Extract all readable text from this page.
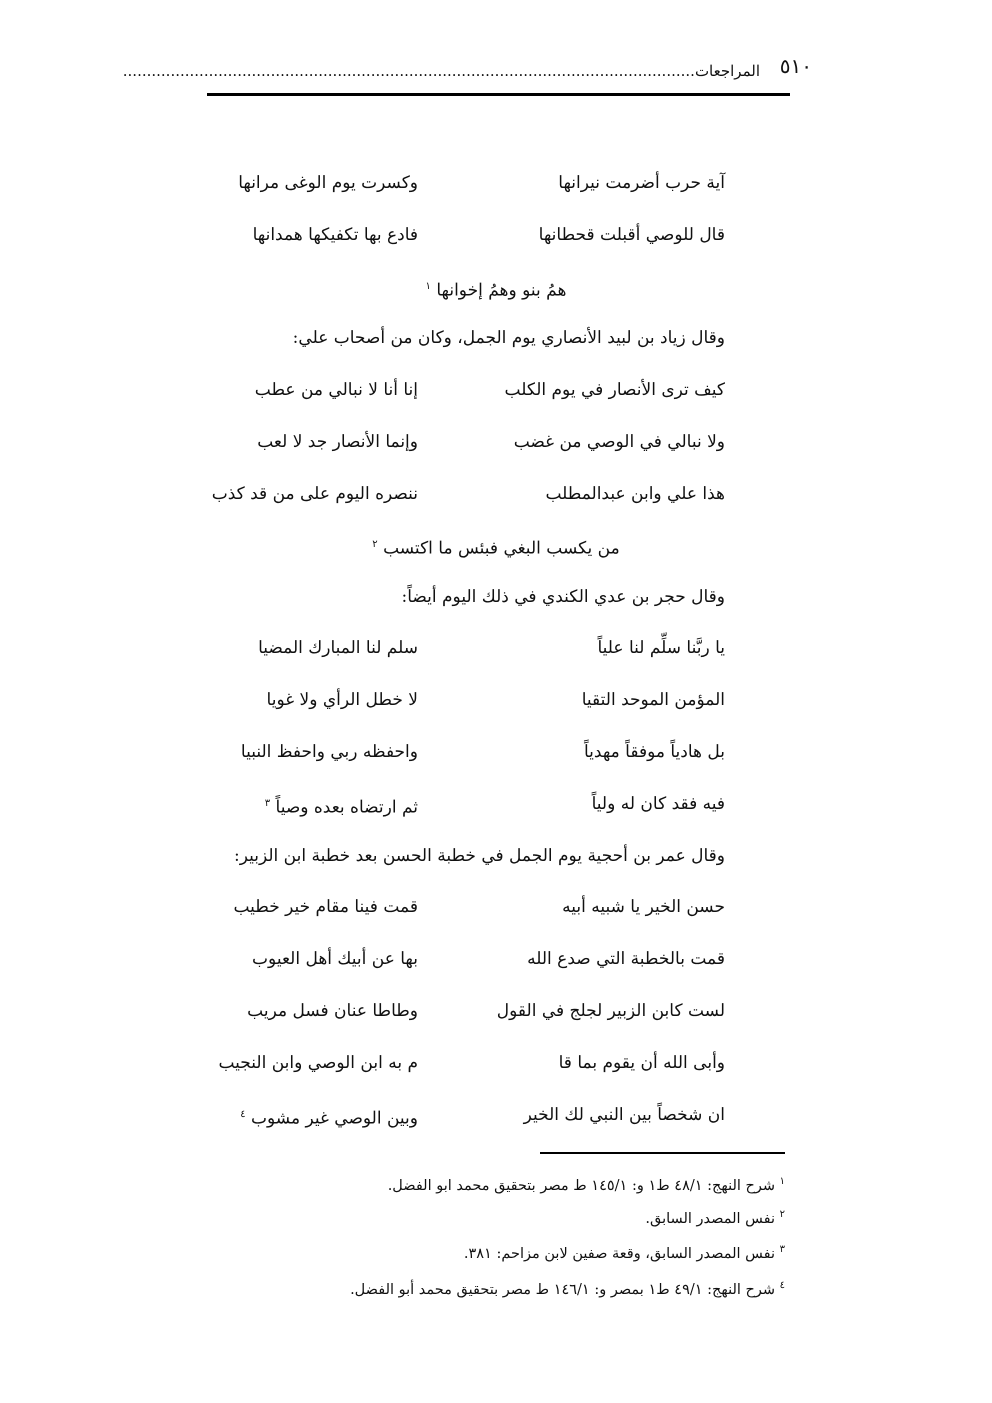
٥١٠
المراجعات........................................................................................................................
آية حرب أضرمت نيرانها
وكسرت يوم الوغى مرانها
قال للوصي أقبلت قحطانها
فادع بها تكفيكها همدانها
همُ بنو وهمُ إخوانها $^١$
وقال زياد بن لبيد الأنصاري يوم الجمل، وكان من أصحاب علي:
كيف ترى الأنصار في يوم الكلب
إنا أنا لا نبالي من عطب
ولا نبالي في الوصي من غضب
وإنما الأنصار جد لا لعب
هذا علي وابن عبدالمطلب
ننصره اليوم على من قد كذب
من يكسب البغي فبئس ما اكتسب $^٢$
وقال حجر بن عدي الكندي في ذلك اليوم أيضاً:
يا ربَّنا سلِّم لنا علياً
سلم لنا المبارك المضيا
المؤمن الموحد التقيا
لا خطل الرأي ولا غويا
بل هادياً موفقاً مهدياً
واحفظه ربي واحفظ النبيا
فيه فقد كان له ولياً
ثم ارتضاه بعده وصياً $^٣$
وقال عمر بن أحجية يوم الجمل في خطبة الحسن بعد خطبة ابن الزبير:
حسن الخير يا شبيه أبيه
قمت فينا مقام خير خطيب
قمت بالخطبة التي صدع الله
بها عن أبيك أهل العيوب
لست كابن الزبير لجلج في القول
وطاطا عنان فسل مريب
وأبى الله أن يقوم بما قا
م به ابن الوصي وابن النجيب
ان شخصاً بين النبي لك الخير
وبين الوصي غير مشوب $^٤$
$^١$ شرح النهج: ٤٨/١ ط١ و: ١٤٥/١ ط مصر بتحقيق محمد ابو الفضل.
$^٢$ نفس المصدر السابق.
$^٣$ نفس المصدر السابق، وقعة صفين لابن مزاحم: ٣٨١.
$^٤$ شرح النهج: ٤٩/١ ط١ بمصر و: ١٤٦/١ ط مصر بتحقيق محمد أبو الفضل.
